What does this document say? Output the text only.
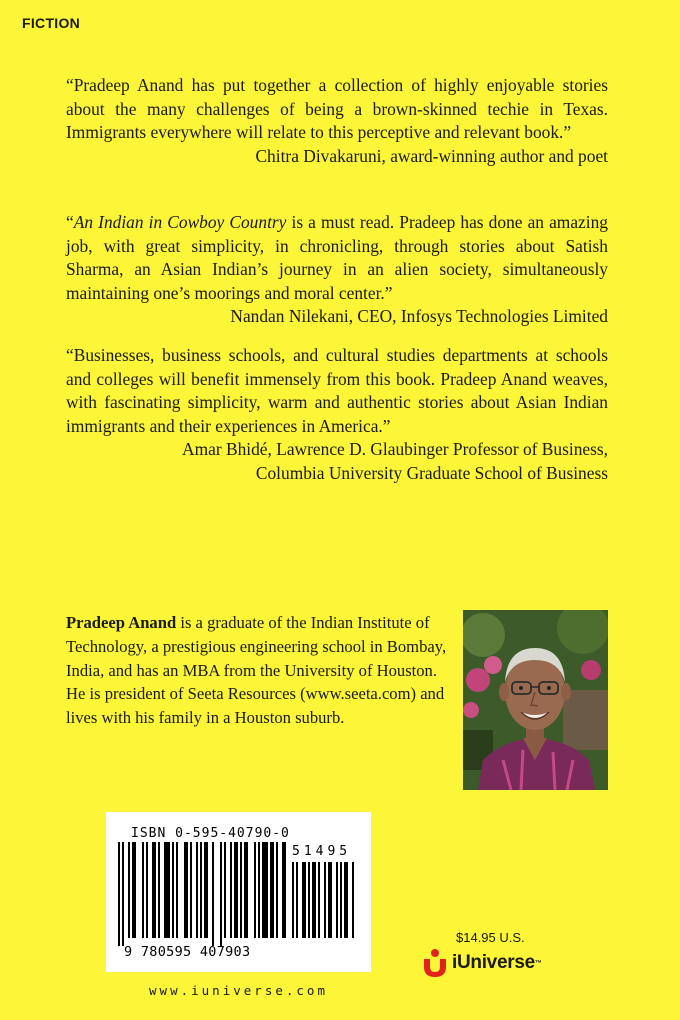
FICTION

“Pradeep Anand has put together a collection of highly enjoyable stories about the many challenges of being a brown-skinned techie in Texas. Immigrants everywhere will relate to this perceptive and relevant book.”

Chitra Divakaruni, award-winning author and poet

“An Indian in Cowboy Country is a must read. Pradeep has done an amazing job, with great simplicity, in chronicling, through stories about Satish Sharma, an Asian Indian’s journey in an alien society, simultaneously maintaining one’s moorings and moral center.”

Nandan Nilekani, CEO, Infosys Technologies Limited

“Businesses, business schools, and cultural studies departments at schools and colleges will benefit immensely from this book. Pradeep Anand weaves, with fascinating simplicity, warm and authentic stories about Asian Indian immigrants and their experiences in America.”

Amar Bhidé, Lawrence D. Glaubinger Professor of Business,

Columbia University Graduate School of Business

Pradeep Anand is a graduate of the Indian Institute of Technology, a prestigious engineering school in Bombay, India, and has an MBA from the University of Houston. He is president of Seeta Resources (www.seeta.com) and lives with his family in a Houston suburb.
ISBN 0-595-40790-0
51495
9 780595 407903
www.iuniverse.com
$14.95 U.S.
iUniverse ™
